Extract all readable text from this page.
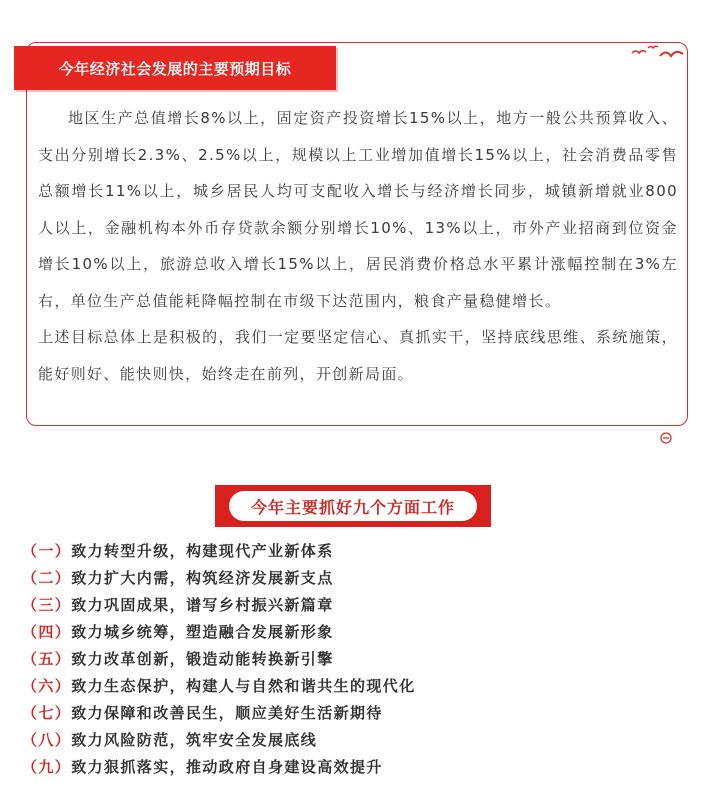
今年经济社会发展的主要预期目标

地区生产总值增长8%以上，固定资产投资增长15%以上，地方一般公共预算收入、支出分别增长2.3%、2.5%以上，规模以上工业增加值增长15%以上，社会消费品零售总额增长11%以上，城乡居民人均可支配收入增长与经济增长同步，城镇新增就业800人以上，金融机构本外币存贷款余额分别增长10%、13%以上，市外产业招商到位资金增长10%以上，旅游总收入增长15%以上，居民消费价格总水平累计涨幅控制在3%左右，单位生产总值能耗降幅控制在市级下达范围内，粮食产量稳健增长。

上述目标总体上是积极的，我们一定要坚定信心、真抓实干，坚持底线思维、系统施策，能好则好、能快则快，始终走在前列，开创新局面。

今年主要抓好九个方面工作
（一）致力转型升级，构建现代产业新体系
（二）致力扩大内需，构筑经济发展新支点
（三）致力巩固成果，谱写乡村振兴新篇章
（四）致力城乡统筹，塑造融合发展新形象
（五）致力改革创新，锻造动能转换新引擎
（六）致力生态保护，构建人与自然和谐共生的现代化
（七）致力保障和改善民生，顺应美好生活新期待
（八）致力风险防范，筑牢安全发展底线
（九）致力狠抓落实，推动政府自身建设高效提升
